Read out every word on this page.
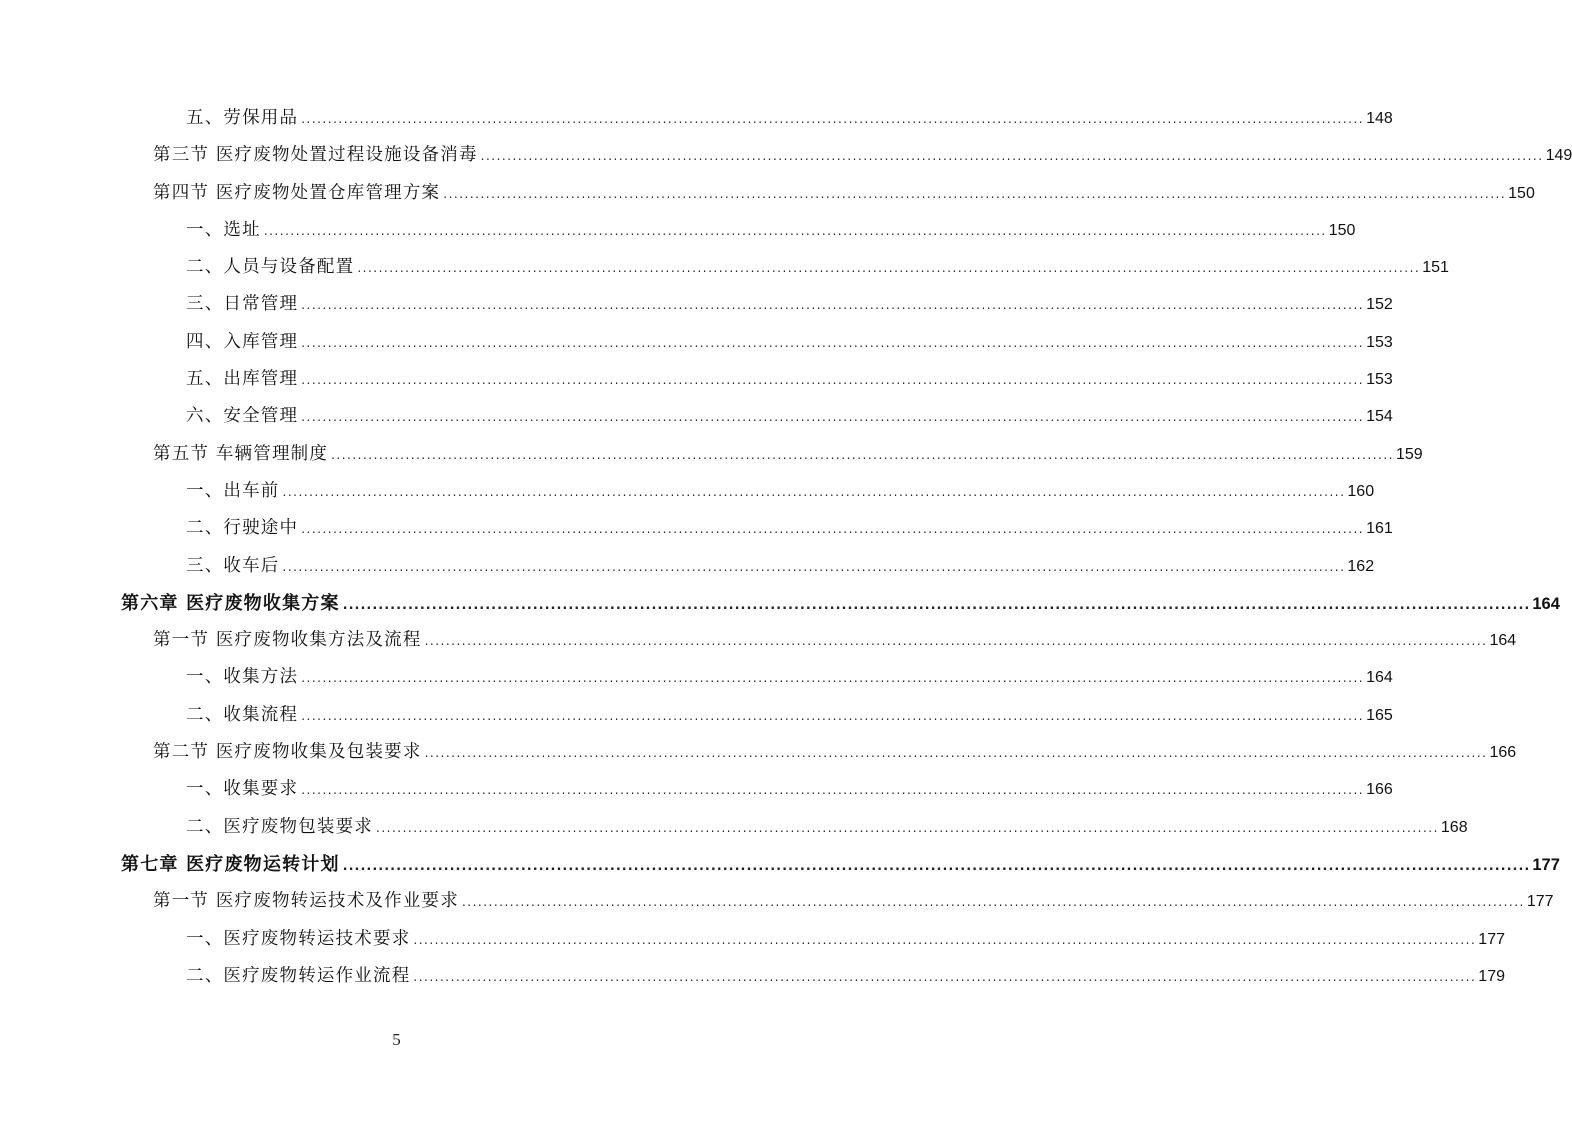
五、劳保用品 ........................................................................................................................................................................................................ 148
第三节 医疗废物处置过程设施设备消毒 ........................................................................................................................................................................................................ 149
第四节 医疗废物处置仓库管理方案 ........................................................................................................................................................................................................ 150
一、选址 ........................................................................................................................................................................................................ 150
二、人员与设备配置 ........................................................................................................................................................................................................ 151
三、日常管理 ........................................................................................................................................................................................................ 152
四、入库管理 ........................................................................................................................................................................................................ 153
五、出库管理 ........................................................................................................................................................................................................ 153
六、安全管理 ........................................................................................................................................................................................................ 154
第五节 车辆管理制度 ........................................................................................................................................................................................................ 159
一、出车前 ........................................................................................................................................................................................................ 160
二、行驶途中 ........................................................................................................................................................................................................ 161
三、收车后 ........................................................................................................................................................................................................ 162
第六章 医疗废物收集方案 ........................................................................................................................................................................................................ 164
第一节 医疗废物收集方法及流程 ........................................................................................................................................................................................................ 164
一、收集方法 ........................................................................................................................................................................................................ 164
二、收集流程 ........................................................................................................................................................................................................ 165
第二节 医疗废物收集及包装要求 ........................................................................................................................................................................................................ 166
一、收集要求 ........................................................................................................................................................................................................ 166
二、医疗废物包装要求 ........................................................................................................................................................................................................ 168
第七章 医疗废物运转计划 ........................................................................................................................................................................................................ 177
第一节 医疗废物转运技术及作业要求 ........................................................................................................................................................................................................ 177
一、医疗废物转运技术要求 ........................................................................................................................................................................................................ 177
二、医疗废物转运作业流程 ........................................................................................................................................................................................................ 179
5
